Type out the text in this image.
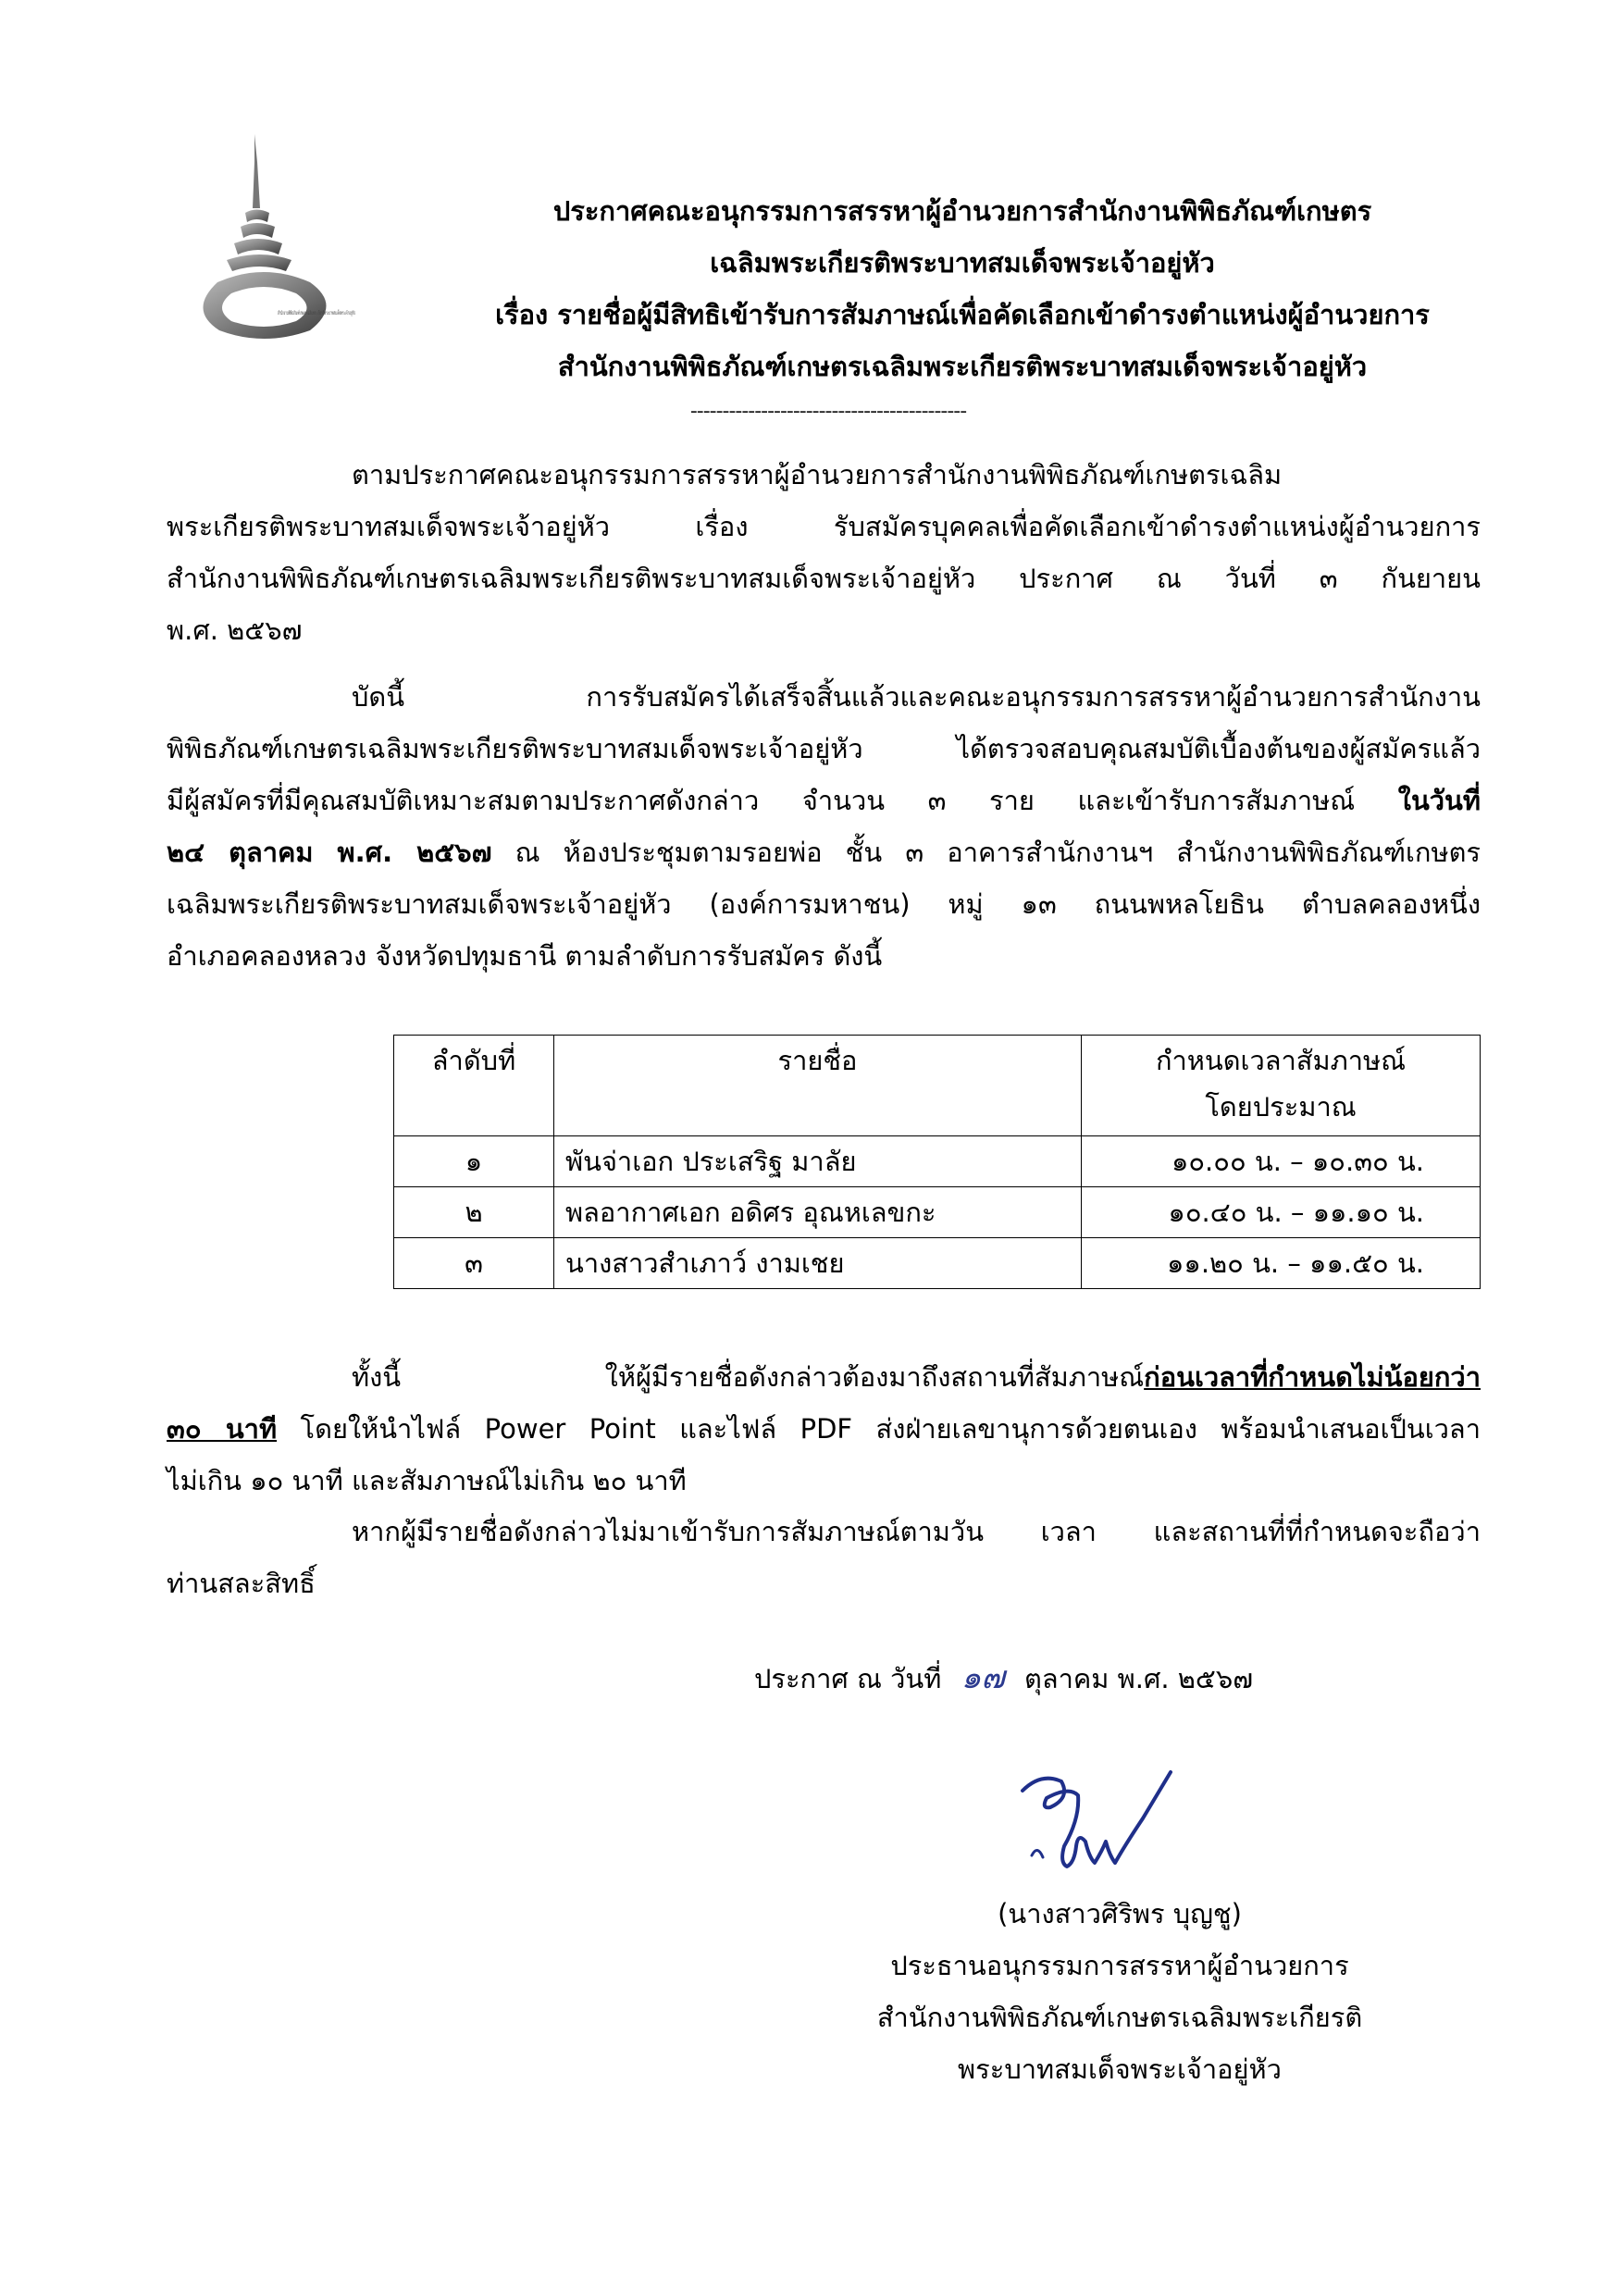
สำนักงานพิพิธภัณฑ์เกษตรเฉลิมพระเกียรติพระบาทสมเด็จพระเจ้าอยู่หัว
ประกาศคณะอนุกรรมการสรรหาผู้อำนวยการสำนักงานพิพิธภัณฑ์เกษตร
เฉลิมพระเกียรติพระบาทสมเด็จพระเจ้าอยู่หัว
เรื่อง รายชื่อผู้มีสิทธิเข้ารับการสัมภาษณ์เพื่อคัดเลือกเข้าดำรงตำแหน่งผู้อำนวยการ
สำนักงานพิพิธภัณฑ์เกษตรเฉลิมพระเกียรติพระบาทสมเด็จพระเจ้าอยู่หัว
-------------------------------------------
ตามประกาศคณะอนุกรรมการสรรหาผู้อำนวยการสำนักงานพิพิธภัณฑ์เกษตรเฉลิม
พระเกียรติพระบาทสมเด็จพระเจ้าอยู่หัว เรื่อง รับสมัครบุคคลเพื่อคัดเลือกเข้าดำรงตำแหน่งผู้อำนวยการ
สำนักงานพิพิธภัณฑ์เกษตรเฉลิมพระเกียรติพระบาทสมเด็จพระเจ้าอยู่หัว ประกาศ ณ วันที่ ๓ กันยายน
พ.ศ. ๒๕๖๗
บัดนี้ การรับสมัครได้เสร็จสิ้นแล้วและคณะอนุกรรมการสรรหาผู้อำนวยการสำนักงาน
พิพิธภัณฑ์เกษตรเฉลิมพระเกียรติพระบาทสมเด็จพระเจ้าอยู่หัว ได้ตรวจสอบคุณสมบัติเบื้องต้นของผู้สมัครแล้ว
มีผู้สมัครที่มีคุณสมบัติเหมาะสมตามประกาศดังกล่าว จำนวน ๓ ราย และเข้ารับการสัมภาษณ์ ในวันที่
๒๔ ตุลาคม พ.ศ. ๒๕๖๗ ณ ห้องประชุมตามรอยพ่อ ชั้น ๓ อาคารสำนักงานฯ สำนักงานพิพิธภัณฑ์เกษตร
เฉลิมพระเกียรติพระบาทสมเด็จพระเจ้าอยู่หัว (องค์การมหาชน) หมู่ ๑๓ ถนนพหลโยธิน ตำบลคลองหนึ่ง
อำเภอคลองหลวง จังหวัดปทุมธานี ตามลำดับการรับสมัคร ดังนี้
ลำดับที่	รายชื่อ	กำหนดเวลาสัมภาษณ์
โดยประมาณ
๑	พันจ่าเอก ประเสริฐ มาลัย	๑๐.๐๐ น. – ๑๐.๓๐ น.
๒	พลอากาศเอก อดิศร อุณหเลขกะ	๑๐.๔๐ น. – ๑๑.๑๐ น.
๓	นางสาวสำเภาว์ งามเชย	๑๑.๒๐ น. – ๑๑.๕๐ น.
ทั้งนี้ ให้ผู้มีรายชื่อดังกล่าวต้องมาถึงสถานที่สัมภาษณ์ก่อนเวลาที่กำหนดไม่น้อยกว่า
๓๐ นาที โดยให้นำไฟล์ Power Point และไฟล์ PDF ส่งฝ่ายเลขานุการด้วยตนเอง พร้อมนำเสนอเป็นเวลา
ไม่เกิน ๑๐ นาที และสัมภาษณ์ไม่เกิน ๒๐ นาที
หากผู้มีรายชื่อดังกล่าวไม่มาเข้ารับการสัมภาษณ์ตามวัน เวลา และสถานที่ที่กำหนดจะถือว่า
ท่านสละสิทธิ์
ประกาศ ณ วันที่ ๑๗ ตุลาคม พ.ศ. ๒๕๖๗
(นางสาวศิริพร บุญชู)
ประธานอนุกรรมการสรรหาผู้อำนวยการ
สำนักงานพิพิธภัณฑ์เกษตรเฉลิมพระเกียรติ
พระบาทสมเด็จพระเจ้าอยู่หัว
